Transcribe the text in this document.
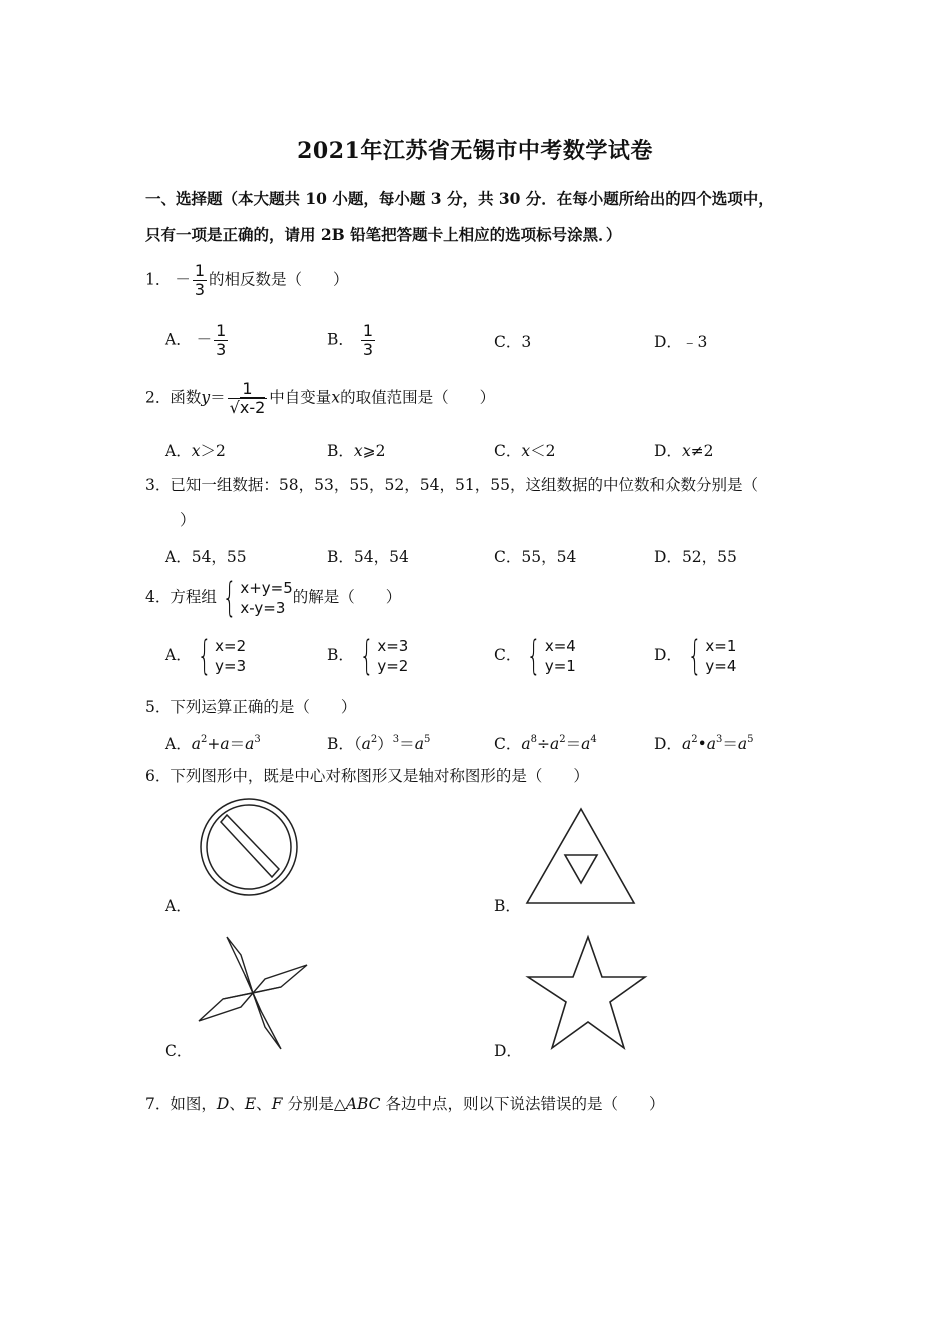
2021年江苏省无锡市中考数学试卷
一、选择题（本大题共 10 小题，每小题 3 分，共 30 分．在每小题所给出的四个选项中，
只有一项是正确的，请用 2B 铅笔把答题卡上相应的选项标号涂黑．）
1． － $\frac{1}{3}$ 的相反数是（　　）
A． － $\frac{1}{3}$	B． $\frac{1}{3}$	C．3	D．﹣3
2．函数$y= \frac{1}{√x-2}$ 中自变量x的取值范围是（　　）
A．x＞2	B．x⩾2	C．x＜2	D．x≠2
3．已知一组数据：58，53，55，52，54，51，55，这组数据的中位数和众数分别是（
）
A．54，55	B．54，54	C．55，54	D．52，55
4．方程组 { x+y=5
x-y=3
的解是（　　）
A． { x=2
y=3
B． { x=3
y=2
C． { x=4
y=1
D． { x=1
y=4
5．下列运算正确的是（　　）
A．$a^2+a=a^3$	B．$(a^2)^3=a^5$	C．$a^8\div a^2=a^4$	D．$a^2•a^3=a^5$
6．下列图形中，既是中心对称图形又是轴对称图形的是（　　）
A．	B．
C．	D．
7．如图，D、E、F 分别是△ABC 各边中点，则以下说法错误的是（　　）
